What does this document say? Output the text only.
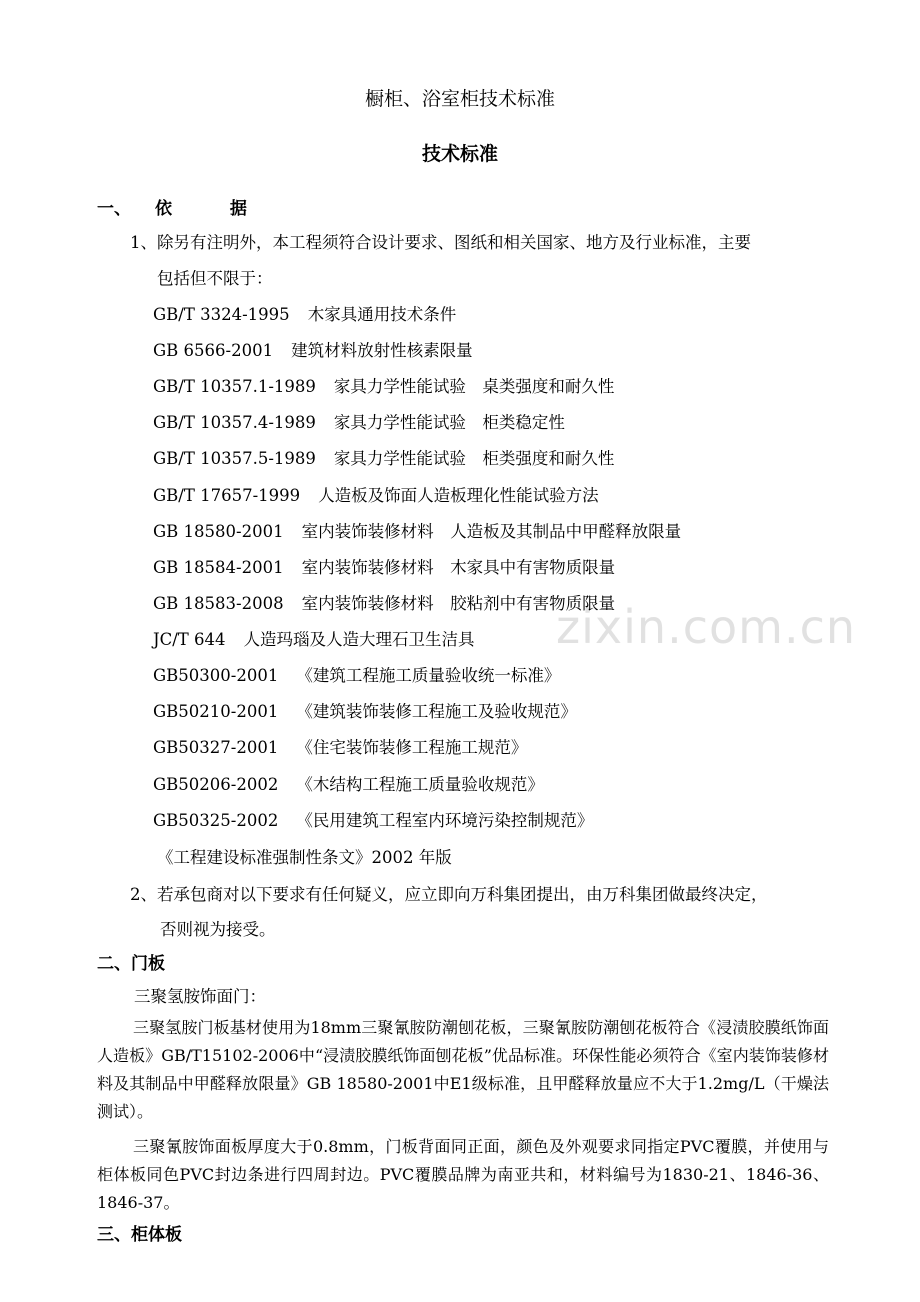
zixin.com.cn
橱柜、浴室柜技术标准
技术标准
一、 依 据
1、除另有注明外，本工程须符合设计要求、图纸和相关国家、地方及行业标准，主要
包括但不限于：
GB/T 3324-1995 木家具通用技术条件
GB 6566-2001 建筑材料放射性核素限量
GB/T 10357.1-1989 家具力学性能试验　桌类强度和耐久性
GB/T 10357.4-1989 家具力学性能试验　柜类稳定性
GB/T 10357.5-1989 家具力学性能试验　柜类强度和耐久性
GB/T 17657-1999 人造板及饰面人造板理化性能试验方法
GB 18580-2001 室内装饰装修材料　人造板及其制品中甲醛释放限量
GB 18584-2001 室内装饰装修材料　木家具中有害物质限量
GB 18583-2008 室内装饰装修材料　胶粘剂中有害物质限量
JC/T 644 人造玛瑙及人造大理石卫生洁具
GB50300-2001 《建筑工程施工质量验收统一标准》
GB50210-2001 《建筑装饰装修工程施工及验收规范》
GB50327-2001 《住宅装饰装修工程施工规范》
GB50206-2002 《木结构工程施工质量验收规范》
GB50325-2002 《民用建筑工程室内环境污染控制规范》
《工程建设标准强制性条文》2002 年版
2、若承包商对以下要求有任何疑义，应立即向万科集团提出，由万科集团做最终决定，
否则视为接受。
二、门板
三聚氢胺饰面门：
三聚氢胺门板基材使用为18mm三聚氰胺防潮刨花板，三聚氰胺防潮刨花板符合《浸渍胶膜纸饰面人造板》GB/T15102-2006中“浸渍胶膜纸饰面刨花板”优品标准。环保性能必须符合《室内装饰装修材料及其制品中甲醛释放限量》GB 18580-2001中E1级标准，且甲醛释放量应不大于1.2mg/L（干燥法测试）。
三聚氰胺饰面板厚度大于0.8mm，门板背面同正面，颜色及外观要求同指定PVC覆膜，并使用与柜体板同色PVC封边条进行四周封边。PVC覆膜品牌为南亚共和，材料编号为1830-21、1846-36、1846-37。
三、柜体板
